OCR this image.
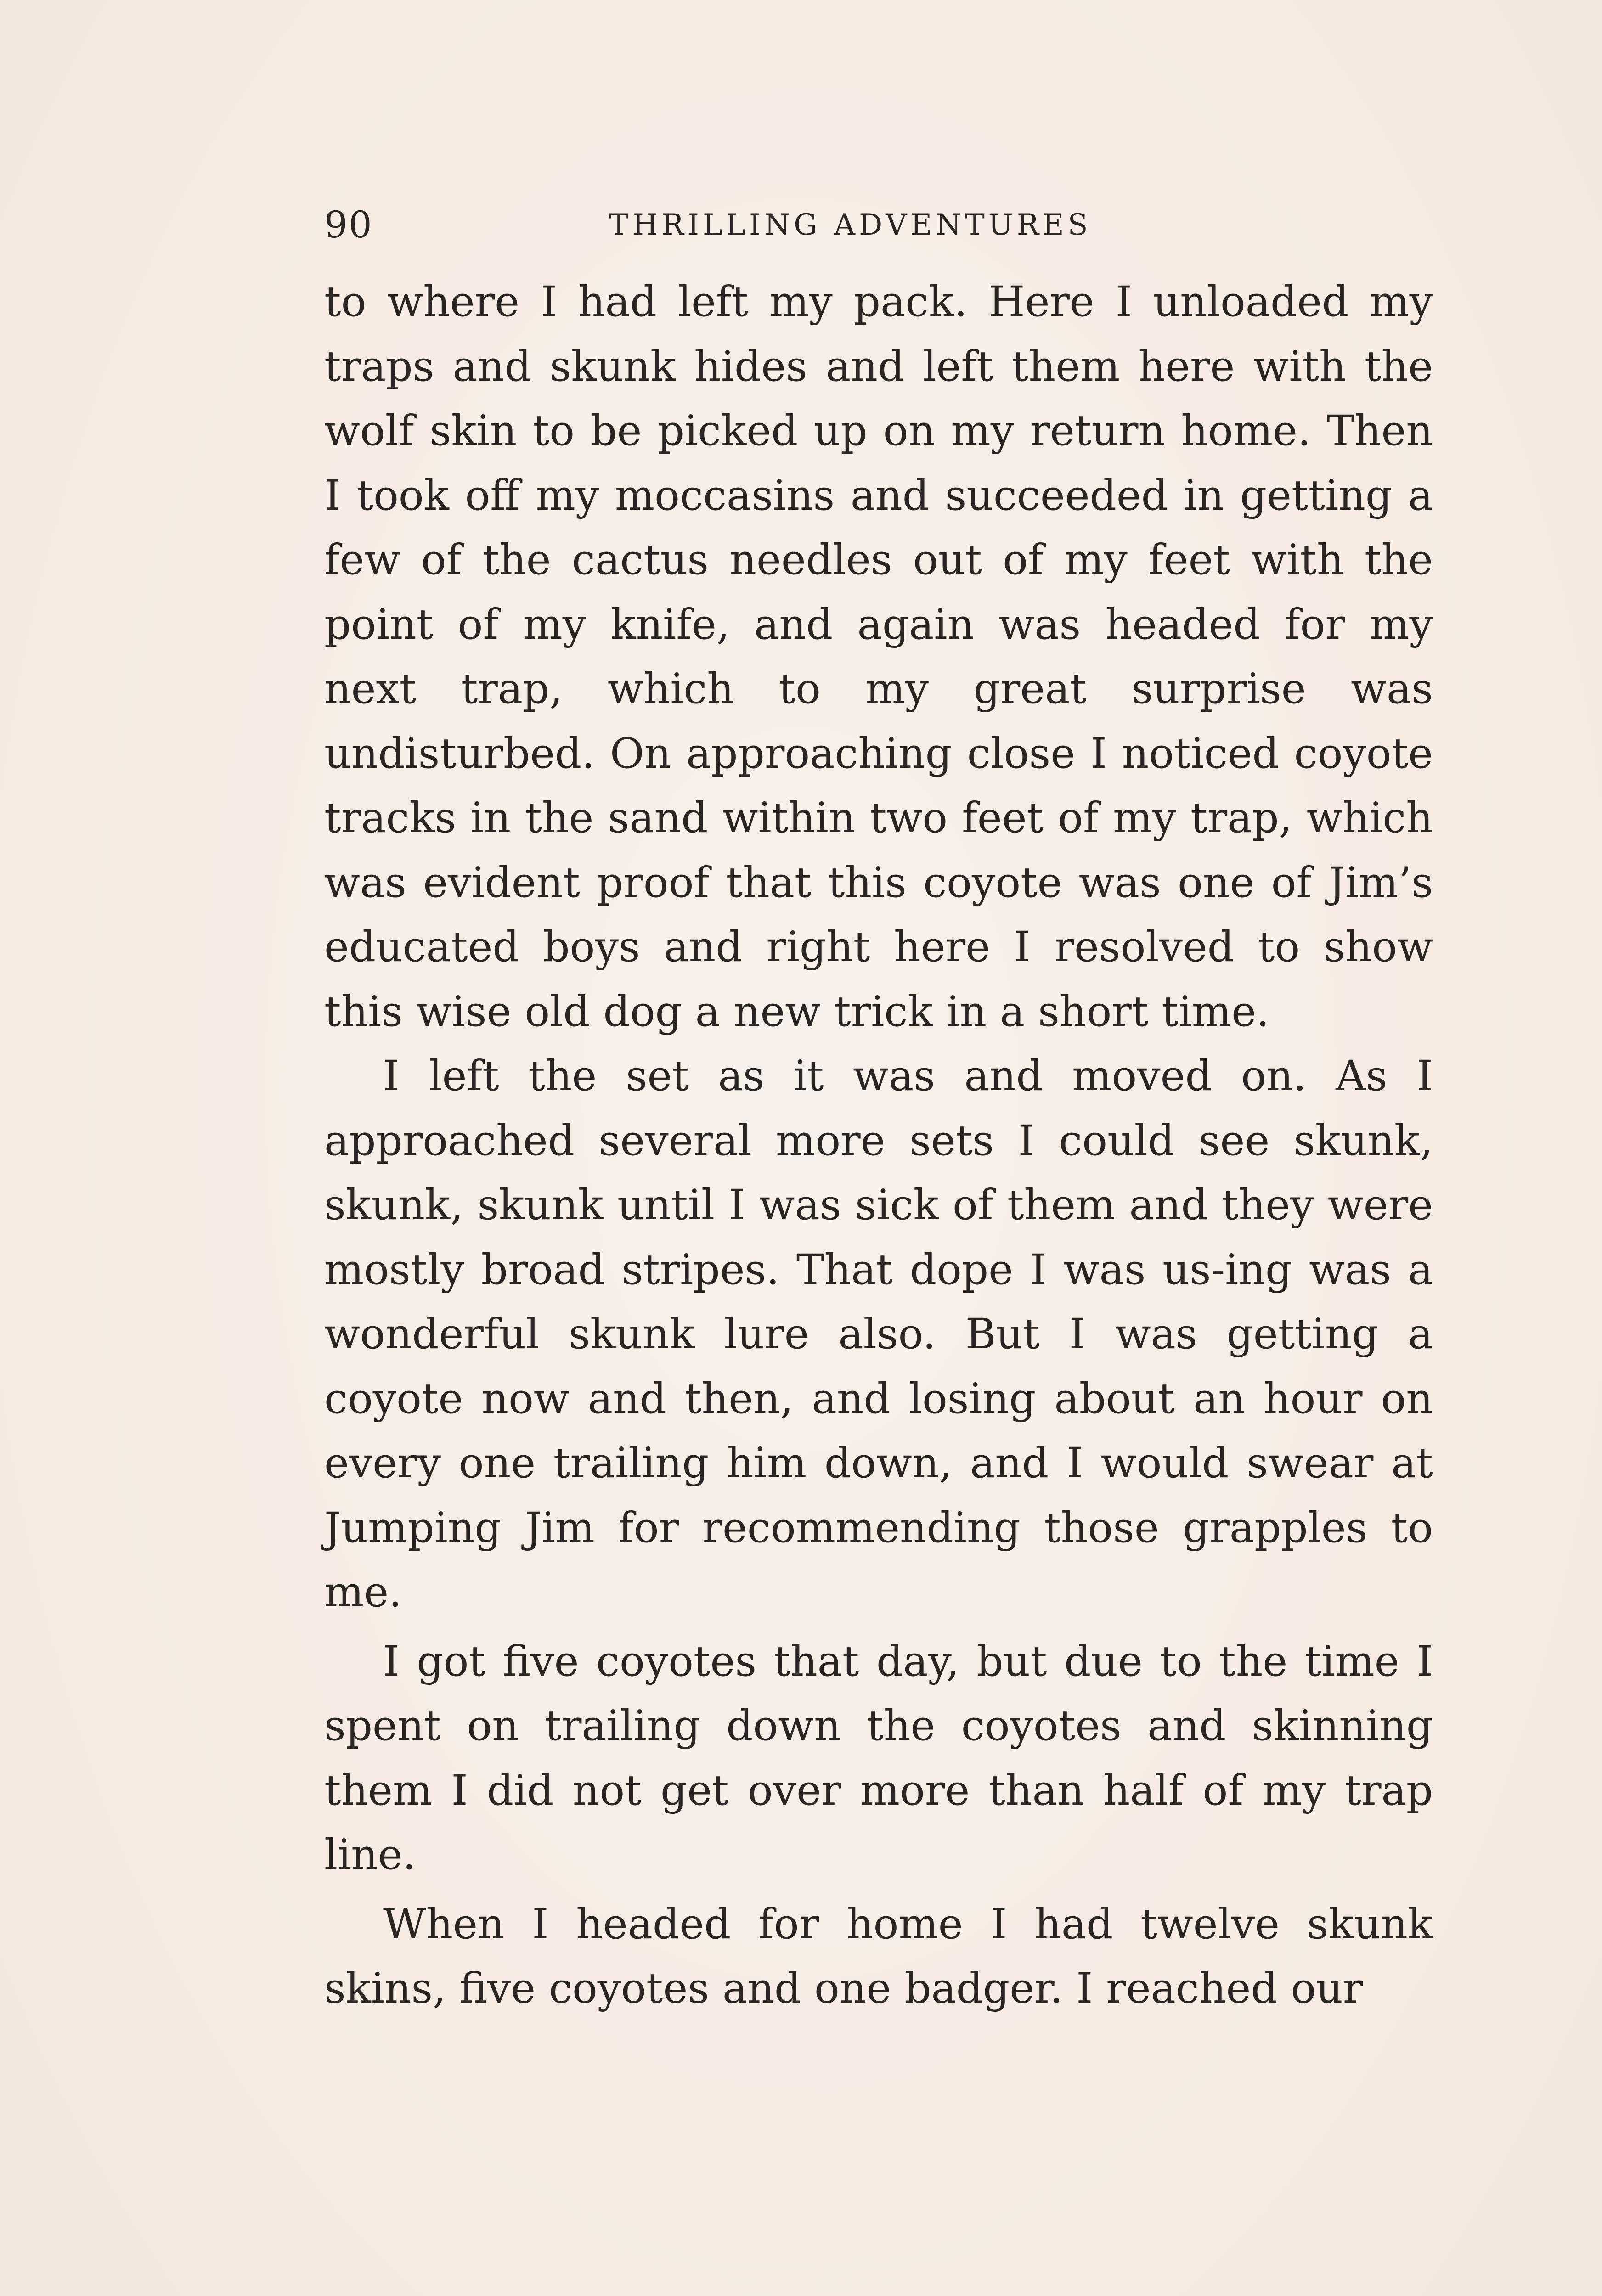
90	THRILLING ADVENTURES

to where I had left my pack. Here I unloaded my traps and skunk hides and left them here with the wolf skin to be picked up on my return home. Then I took off my moccasins and succeeded in getting a few of the cactus needles out of my feet with the point of my knife, and again was headed for my next trap, which to my great surprise was undisturbed. On approaching close I noticed coyote tracks in the sand within two feet of my trap, which was evident proof that this coyote was one of Jim’s educated boys and right here I resolved to show this wise old dog a new trick in a short time.

I left the set as it was and moved on. As I approached several more sets I could see skunk, skunk, skunk until I was sick of them and they were mostly broad stripes. That dope I was us-ing was a wonderful skunk lure also. But I was getting a coyote now and then, and losing about an hour on every one trailing him down, and I would swear at Jumping Jim for recommending those grapples to me.

I got five coyotes that day, but due to the time I spent on trailing down the coyotes and skinning them I did not get over more than half of my trap line.

When I headed for home I had twelve skunk skins, five coyotes and one badger. I reached our
